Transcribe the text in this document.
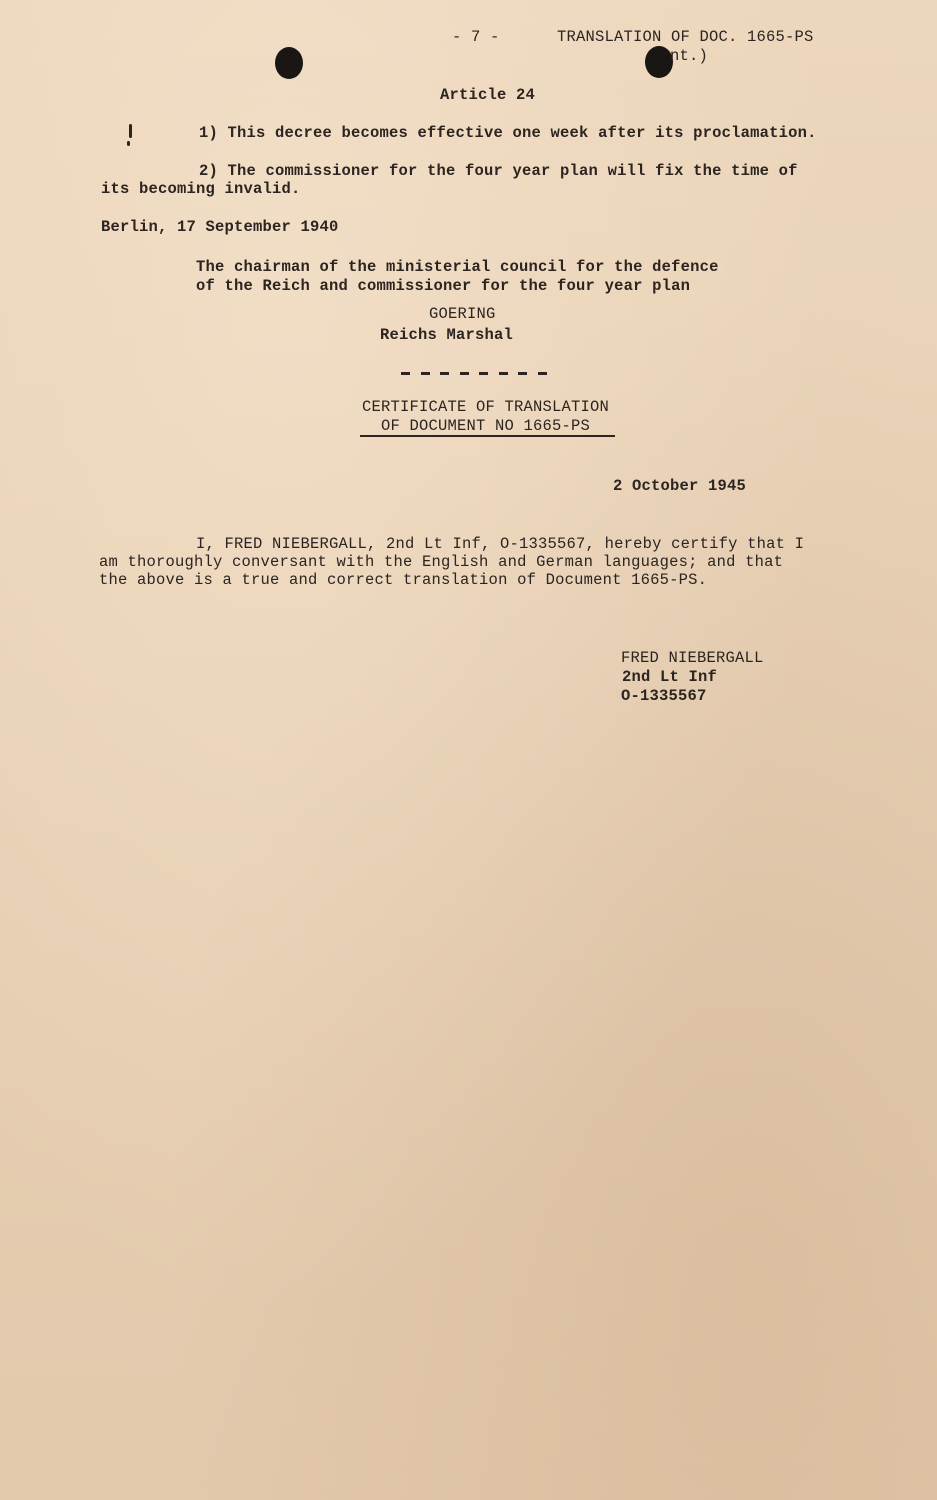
- 7 -	TRANSLATION OF DOC. 1665-PS
nt.)
Article 24
1) This decree becomes effective one week after its proclamation.
2) The commissioner for the four year plan will fix the time of
its becoming invalid.
Berlin, 17 September 1940
The chairman of the ministerial council for the defence
of the Reich and commissioner for the four year plan
GOERING
Reichs Marshal
CERTIFICATE OF TRANSLATION
OF DOCUMENT NO 1665-PS
2 October 1945
I, FRED NIEBERGALL, 2nd Lt Inf, O-1335567, hereby certify that I
am thoroughly conversant with the English and German languages; and that
the above is a true and correct translation of Document 1665-PS.
FRED NIEBERGALL
2nd Lt Inf
O-1335567
